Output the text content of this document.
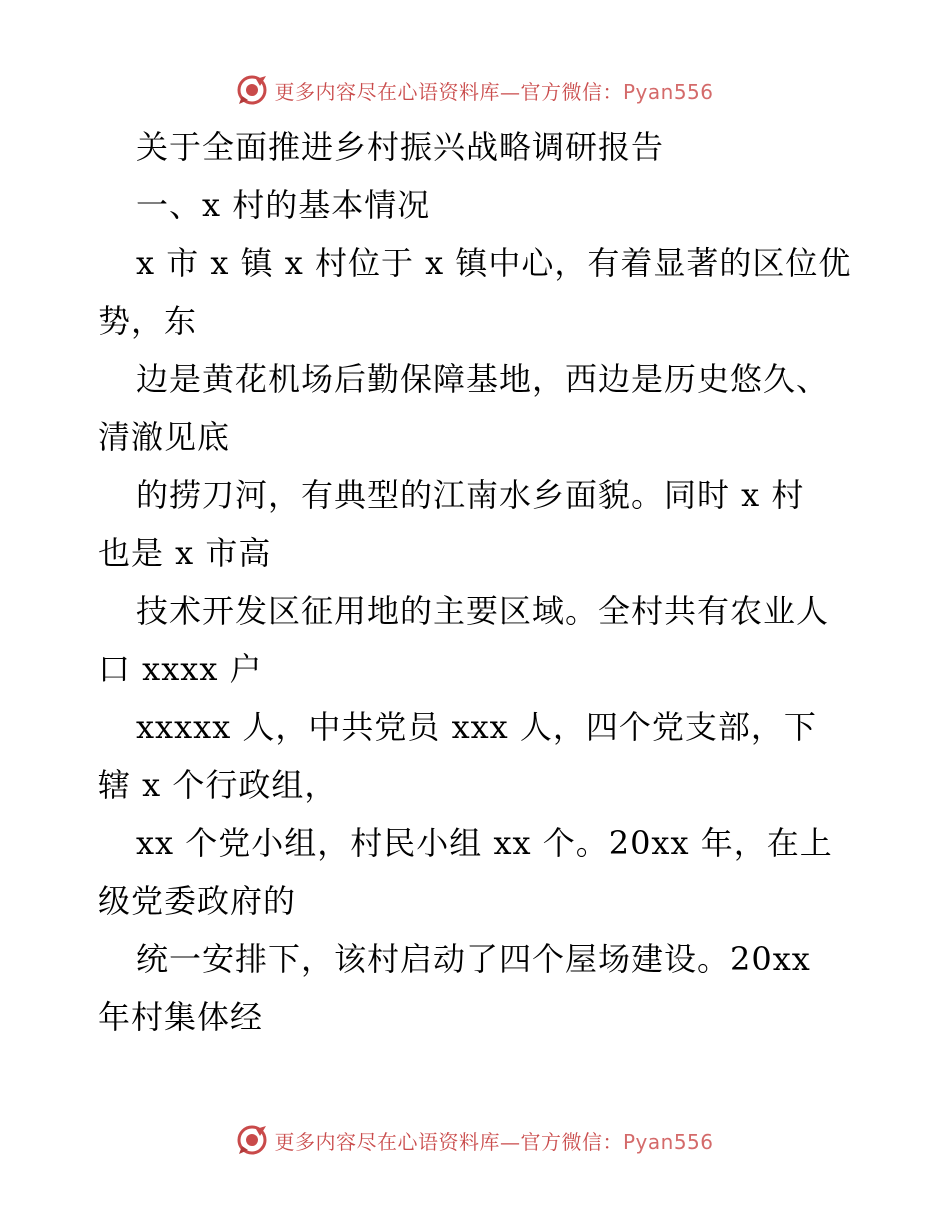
更多内容尽在心语资料库—官方微信：Pyan556
关于全面推进乡村振兴战略调研报告
一、x 村的基本情况
x 市 x 镇 x 村位于 x 镇中心，有着显著的区位优
势，东
边是黄花机场后勤保障基地，西边是历史悠久、
清澈见底
的捞刀河，有典型的江南水乡面貌。同时 x 村
也是 x 市高
技术开发区征用地的主要区域。全村共有农业人
口 xxxx 户
xxxxx 人，中共党员 xxx 人，四个党支部，下
辖 x 个行政组，
xx 个党小组，村民小组 xx 个。20xx 年，在上
级党委政府的
统一安排下，该村启动了四个屋场建设。20xx
年村集体经
更多内容尽在心语资料库—官方微信：Pyan556
